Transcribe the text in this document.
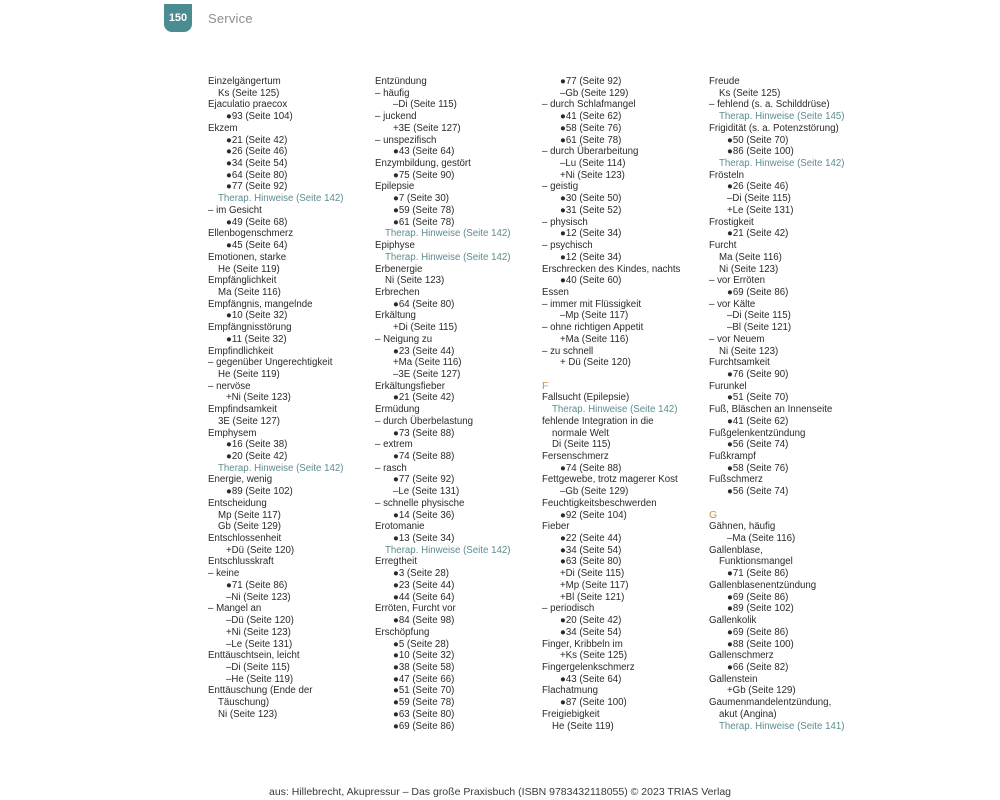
150 Service
Einzelgängertum
Ks (Seite 125)
Ejaculatio praecox
●93 (Seite 104)
Ekzem
●21 (Seite 42)
●26 (Seite 46)
●34 (Seite 54)
●64 (Seite 80)
●77 (Seite 92)
Therap. Hinweise (Seite 142)
– im Gesicht
●49 (Seite 68)
Ellenbogenschmerz
●45 (Seite 64)
Emotionen, starke
He (Seite 119)
Empfänglichkeit
Ma (Seite 116)
Empfängnis, mangelnde
●10 (Seite 32)
Empfängnisstörung
●11 (Seite 32)
Empfindlichkeit
– gegenüber Ungerechtigkeit
He (Seite 119)
– nervöse
+Ni (Seite 123)
Empfindsamkeit
3E (Seite 127)
Emphysem
●16 (Seite 38)
●20 (Seite 42)
Therap. Hinweise (Seite 142)
Energie, wenig
●89 (Seite 102)
Entscheidung
Mp (Seite 117)
Gb (Seite 129)
Entschlossenheit
+Dü (Seite 120)
Entschlusskraft
– keine
●71 (Seite 86)
–Ni (Seite 123)
– Mangel an
–Dü (Seite 120)
+Ni (Seite 123)
–Le (Seite 131)
Enttäuschtsein, leicht
–Di (Seite 115)
–He (Seite 119)
Enttäuschung (Ende der
Täuschung)
Ni (Seite 123)
Entzündung
– häufig
–Di (Seite 115)
– juckend
+3E (Seite 127)
– unspezifisch
●43 (Seite 64)
Enzymbildung, gestört
●75 (Seite 90)
Epilepsie
●7 (Seite 30)
●59 (Seite 78)
●61 (Seite 78)
Therap. Hinweise (Seite 142)
Epiphyse
Therap. Hinweise (Seite 142)
Erbenergie
Ni (Seite 123)
Erbrechen
●64 (Seite 80)
Erkältung
+Di (Seite 115)
– Neigung zu
●23 (Seite 44)
+Ma (Seite 116)
–3E (Seite 127)
Erkältungsfieber
●21 (Seite 42)
Ermüdung
– durch Überbelastung
●73 (Seite 88)
– extrem
●74 (Seite 88)
– rasch
●77 (Seite 92)
–Le (Seite 131)
– schnelle physische
●14 (Seite 36)
Erotomanie
●13 (Seite 34)
Therap. Hinweise (Seite 142)
Erregtheit
●3 (Seite 28)
●23 (Seite 44)
●44 (Seite 64)
Erröten, Furcht vor
●84 (Seite 98)
Erschöpfung
●5 (Seite 28)
●10 (Seite 32)
●38 (Seite 58)
●47 (Seite 66)
●51 (Seite 70)
●59 (Seite 78)
●63 (Seite 80)
●69 (Seite 86)
●77 (Seite 92)
–Gb (Seite 129)
– durch Schlafmangel
●41 (Seite 62)
●58 (Seite 76)
●61 (Seite 78)
– durch Überarbeitung
–Lu (Seite 114)
+Ni (Seite 123)
– geistig
●30 (Seite 50)
●31 (Seite 52)
– physisch
●12 (Seite 34)
– psychisch
●12 (Seite 34)
Erschrecken des Kindes, nachts
●40 (Seite 60)
Essen
– immer mit Flüssigkeit
–Mp (Seite 117)
– ohne richtigen Appetit
+Ma (Seite 116)
– zu schnell
+ Dü (Seite 120)
F
Fallsucht (Epilepsie)
Therap. Hinweise (Seite 142)
fehlende Integration in die
normale Welt
Di (Seite 115)
Fersenschmerz
●74 (Seite 88)
Fettgewebe, trotz magerer Kost
–Gb (Seite 129)
Feuchtigkeitsbeschwerden
●92 (Seite 104)
Fieber
●22 (Seite 44)
●34 (Seite 54)
●63 (Seite 80)
+Di (Seite 115)
+Mp (Seite 117)
+Bl (Seite 121)
– periodisch
●20 (Seite 42)
●34 (Seite 54)
Finger, Kribbeln im
+Ks (Seite 125)
Fingergelenkschmerz
●43 (Seite 64)
Flachatmung
●87 (Seite 100)
Freigiebigkeit
He (Seite 119)
Freude
Ks (Seite 125)
– fehlend (s. a. Schilddrüse)
Therap. Hinweise (Seite 145)
Frigidität (s. a. Potenzstörung)
●50 (Seite 70)
●86 (Seite 100)
Therap. Hinweise (Seite 142)
Frösteln
●26 (Seite 46)
–Di (Seite 115)
+Le (Seite 131)
Frostigkeit
●21 (Seite 42)
Furcht
Ma (Seite 116)
Ni (Seite 123)
– vor Erröten
●69 (Seite 86)
– vor Kälte
–Di (Seite 115)
–Bl (Seite 121)
– vor Neuem
Ni (Seite 123)
Furchtsamkeit
●76 (Seite 90)
Furunkel
●51 (Seite 70)
Fuß, Bläschen an Innenseite
●41 (Seite 62)
Fußgelenkentzündung
●56 (Seite 74)
Fußkrampf
●58 (Seite 76)
Fußschmerz
●56 (Seite 74)
G
Gähnen, häufig
–Ma (Seite 116)
Gallenblase,
Funktionsmangel
●71 (Seite 86)
Gallenblasenentzündung
●69 (Seite 86)
●89 (Seite 102)
Gallenkolik
●69 (Seite 86)
●88 (Seite 100)
Gallenschmerz
●66 (Seite 82)
Gallenstein
+Gb (Seite 129)
Gaumenmandelentzündung,
akut (Angina)
Therap. Hinweise (Seite 141)
aus: Hillebrecht, Akupressur – Das große Praxisbuch (ISBN 9783432118055) © 2023 TRIAS Verlag
